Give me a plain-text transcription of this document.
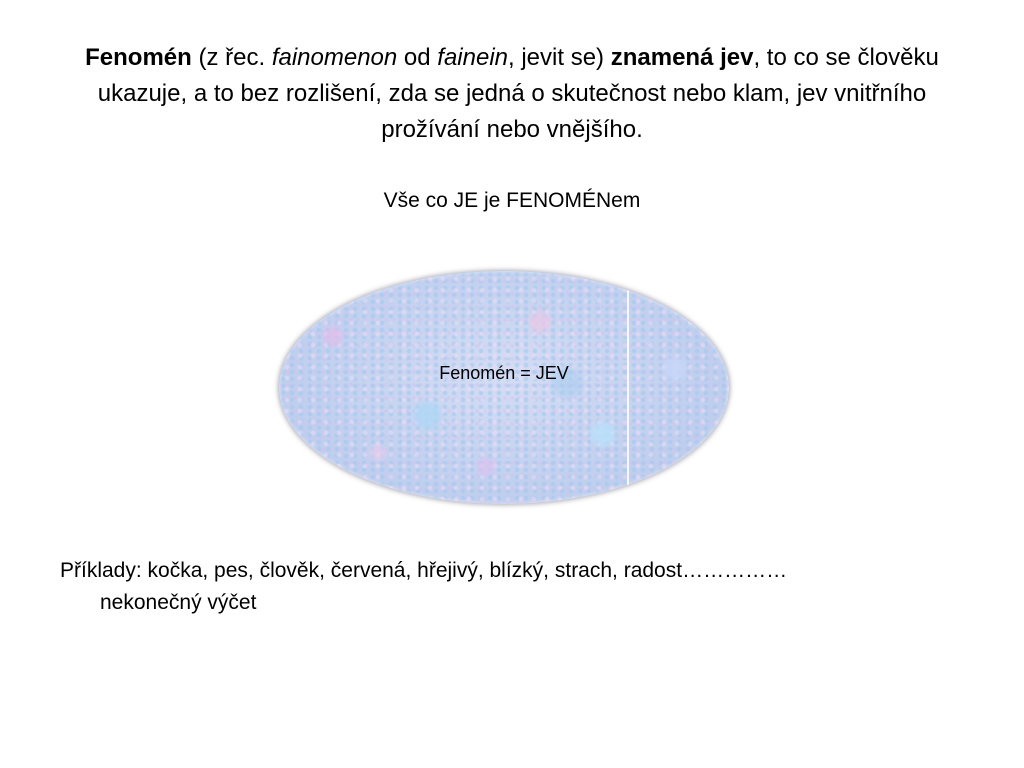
Fenomén (z řec. fainomenon od fainein, jevit se) znamená jev, to co se člověku ukazuje, a to bez rozlišení, zda se jedná o skutečnost nebo klam, jev vnitřního prožívání nebo vnějšího.
Vše co JE je FENOMÉNem
Fenomén = JEV
Příklady: kočka, pes, člověk, červená, hřejivý, blízký, strach, radost……………nekonečný výčet
